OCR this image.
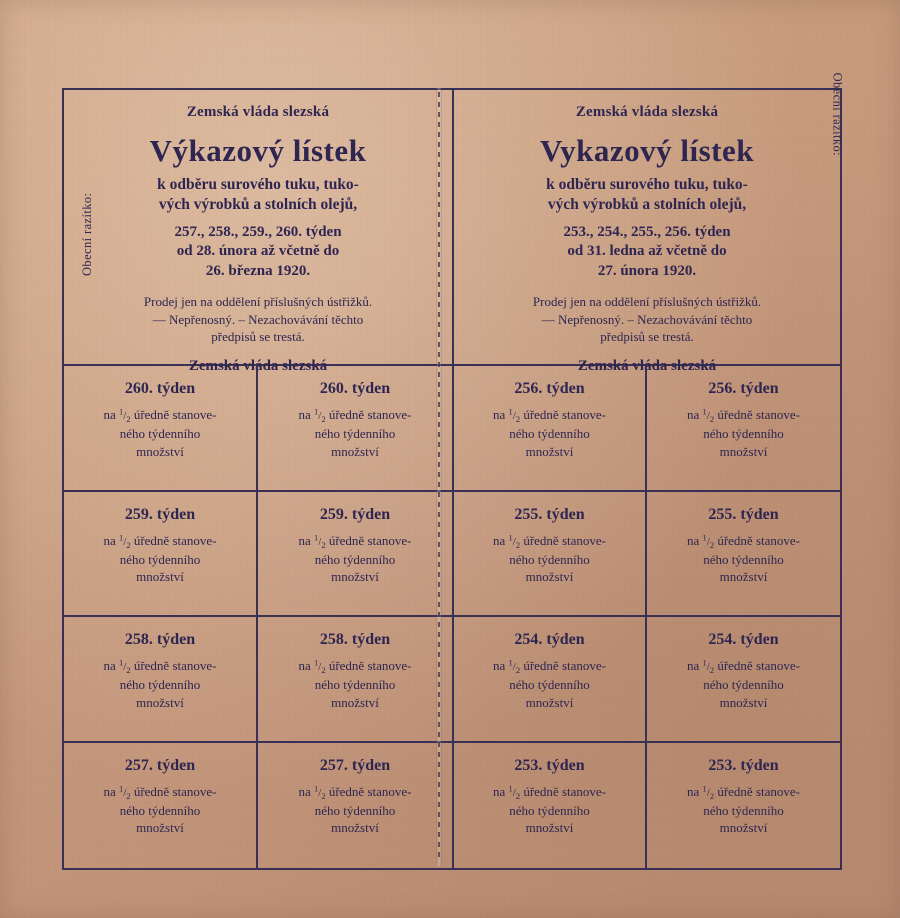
Obecní razítko:
Zemská vláda slezská
Výkazový lístek
k odběru surového tuku, tuko-
vých výrobků a stolních olejů,
257., 258., 259., 260. týden
od 28. února až včetně do
26. března 1920.
Prodej jen na oddělení příslušných ústřižků.
— Nepřenosný. – Nezachovávání těchto
předpisů se trestá.
Zemská vláda slezská
260. týden
na $^1/_2$ úředně stanove-
ného týdenního
množství
260. týden
na $^1/_2$ úředně stanove-
ného týdenního
množství
259. týden
na $^1/_2$ úředně stanove-
ného týdenního
množství
259. týden
na $^1/_2$ úředně stanove-
ného týdenního
množství
258. týden
na $^1/_2$ úředně stanove-
ného týdenního
množství
258. týden
na $^1/_2$ úředně stanove-
ného týdenního
množství
257. týden
na $^1/_2$ úředně stanove-
ného týdenního
množství
257. týden
na $^1/_2$ úředně stanove-
ného týdenního
množství
Obecní razítko:
Zemská vláda slezská
Vykazový lístek
k odběru surového tuku, tuko-
vých výrobků a stolních olejů,
253., 254., 255., 256. týden
od 31. ledna až včetně do
27. února 1920.
Prodej jen na oddělení příslušných ústřižků.
— Nepřenosný. – Nezachovávání těchto
předpisů se trestá.
Zemská vláda slezská
256. týden
na $^1/_2$ úředně stanove-
ného týdenního
množství
256. týden
na $^1/_2$ úředně stanove-
ného týdenního
množství
255. týden
na $^1/_2$ úředně stanove-
ného týdenního
množství
255. týden
na $^1/_2$ úředně stanove-
ného týdenního
množství
254. týden
na $^1/_2$ úředně stanove-
ného týdenního
množství
254. týden
na $^1/_2$ úředně stanove-
ného týdenního
množství
253. týden
na $^1/_2$ úředně stanove-
ného týdenního
množství
253. týden
na $^1/_2$ úředně stanove-
ného týdenního
množství
